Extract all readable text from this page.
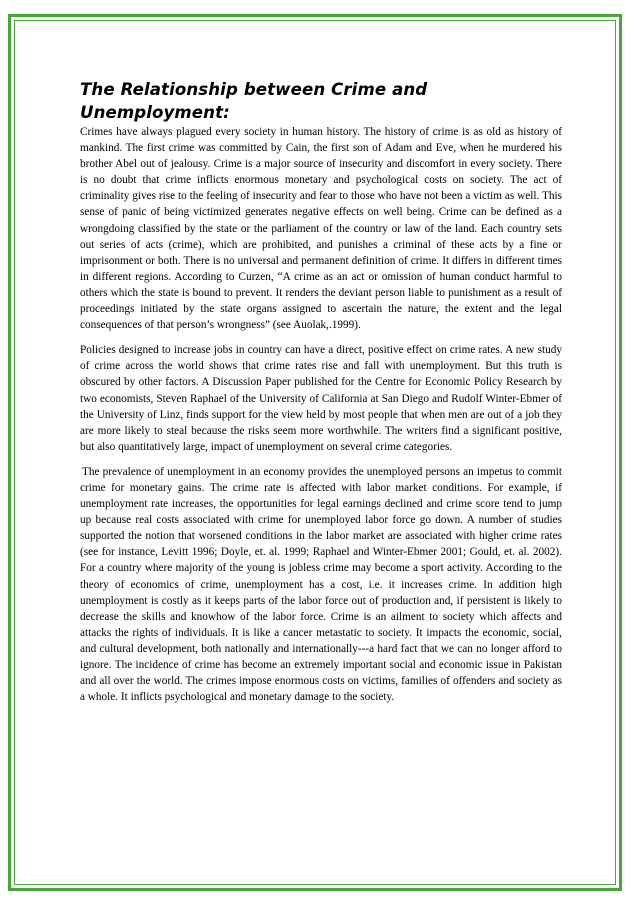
The Relationship between Crime and Unemployment:

Crimes have always plagued every society in human history. The history of crime is as old as history of mankind. The first crime was committed by Cain, the first son of Adam and Eve, when he murdered his brother Abel out of jealousy. Crime is a major source of insecurity and discomfort in every society. There is no doubt that crime inflicts enormous monetary and psychological costs on society. The act of criminality gives rise to the feeling of insecurity and fear to those who have not been a victim as well. This sense of panic of being victimized generates negative effects on well being. Crime can be defined as a wrongdoing classified by the state or the parliament of the country or law of the land. Each country sets out series of acts (crime), which are prohibited, and punishes a criminal of these acts by a fine or imprisonment or both. There is no universal and permanent definition of crime. It differs in different times in different regions. According to Curzen, “A crime as an act or omission of human conduct harmful to others which the state is bound to prevent. It renders the deviant person liable to punishment as a result of proceedings initiated by the state organs assigned to ascertain the nature, the extent and the legal consequences of that person’s wrongness” (see Auolak,.1999).

Policies designed to increase jobs in country can have a direct, positive effect on crime rates. A new study of crime across the world shows that crime rates rise and fall with unemployment. But this truth is obscured by other factors. A Discussion Paper published for the Centre for Economic Policy Research by two economists, Steven Raphael of the University of California at San Diego and Rudolf Winter-Ebmer of the University of Linz, finds support for the view held by most people that when men are out of a job they are more likely to steal because the risks seem more worthwhile. The writers find a significant positive, but also quantitatively large, impact of unemployment on several crime categories.

The prevalence of unemployment in an economy provides the unemployed persons an impetus to commit crime for monetary gains. The crime rate is affected with labor market conditions. For example, if unemployment rate increases, the opportunities for legal earnings declined and crime score tend to jump up because real costs associated with crime for unemployed labor force go down. A number of studies supported the notion that worsened conditions in the labor market are associated with higher crime rates (see for instance, Levitt 1996; Doyle, et. al. 1999; Raphael and Winter-Ebmer 2001; Gould, et. al. 2002). For a country where majority of the young is jobless crime may become a sport activity. According to the theory of economics of crime, unemployment has a cost, i.e. it increases crime. In addition high unemployment is costly as it keeps parts of the labor force out of production and, if persistent is likely to decrease the skills and knowhow of the labor force. Crime is an ailment to society which affects and attacks the rights of individuals. It is like a cancer metastatic to society. It impacts the economic, social, and cultural development, both nationally and internationally---a hard fact that we can no longer afford to ignore. The incidence of crime has become an extremely important social and economic issue in Pakistan and all over the world. The crimes impose enormous costs on victims, families of offenders and society as a whole. It inflicts psychological and monetary damage to the society.
